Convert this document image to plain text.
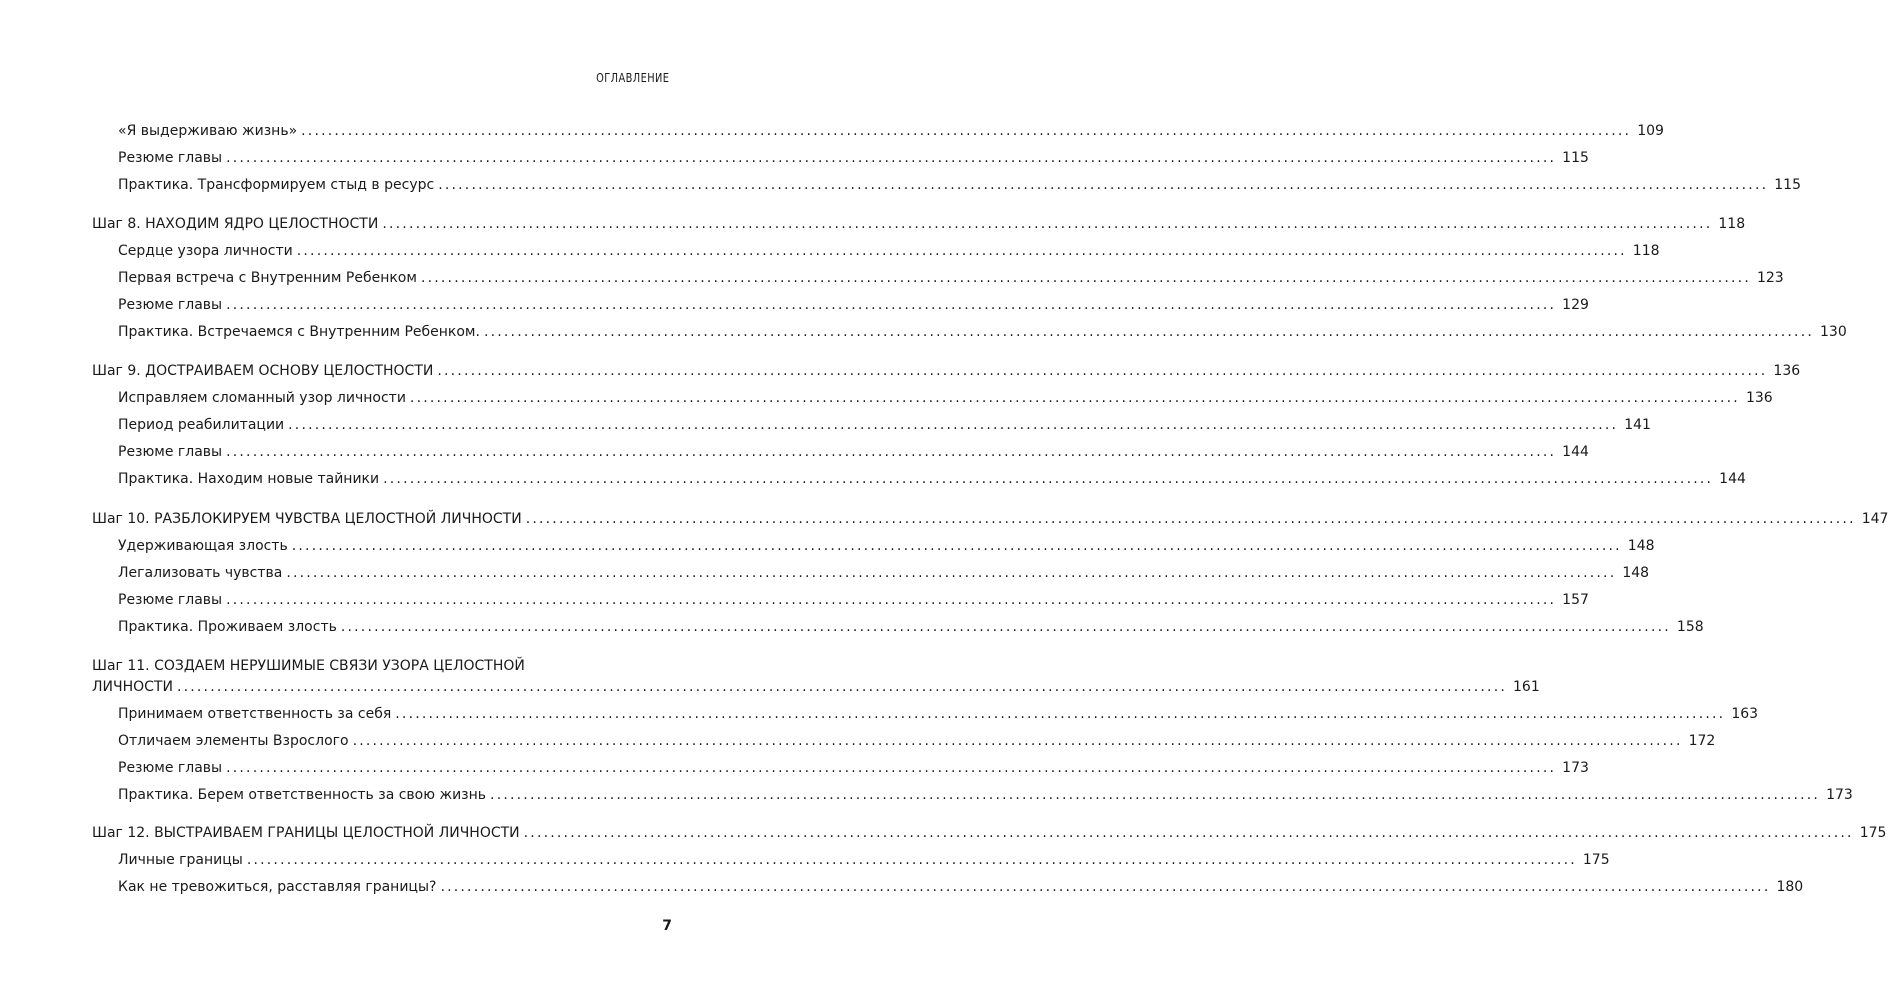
ОГЛАВЛЕНИЕ
«Я выдерживаю жизнь» ........................................................................................................................................................................................................ 109
Резюме главы ........................................................................................................................................................................................................ 115
Практика. Трансформируем стыд в ресурс ........................................................................................................................................................................................................ 115
Шаг 8. НАХОДИМ ЯДРО ЦЕЛОСТНОСТИ ........................................................................................................................................................................................................ 118
Сердце узора личности ........................................................................................................................................................................................................ 118
Первая встреча с Внутренним Ребенком ........................................................................................................................................................................................................ 123
Резюме главы ........................................................................................................................................................................................................ 129
Практика. Встречаемся с Внутренним Ребенком. ........................................................................................................................................................................................................ 130
Шаг 9. ДОСТРАИВАЕМ ОСНОВУ ЦЕЛОСТНОСТИ ........................................................................................................................................................................................................ 136
Исправляем сломанный узор личности ........................................................................................................................................................................................................ 136
Период реабилитации ........................................................................................................................................................................................................ 141
Резюме главы ........................................................................................................................................................................................................ 144
Практика. Находим новые тайники ........................................................................................................................................................................................................ 144
Шаг 10. РАЗБЛОКИРУЕМ ЧУВСТВА ЦЕЛОСТНОЙ ЛИЧНОСТИ ........................................................................................................................................................................................................ 147
Удерживающая злость ........................................................................................................................................................................................................ 148
Легализовать чувства ........................................................................................................................................................................................................ 148
Резюме главы ........................................................................................................................................................................................................ 157
Практика. Проживаем злость ........................................................................................................................................................................................................ 158
Шаг 11. СОЗДАЕМ НЕРУШИМЫЕ СВЯЗИ УЗОРА ЦЕЛОСТНОЙ
ЛИЧНОСТИ ........................................................................................................................................................................................................ 161
Принимаем ответственность за себя ........................................................................................................................................................................................................ 163
Отличаем элементы Взрослого ........................................................................................................................................................................................................ 172
Резюме главы ........................................................................................................................................................................................................ 173
Практика. Берем ответственность за свою жизнь ........................................................................................................................................................................................................ 173
Шаг 12. ВЫСТРАИВАЕМ ГРАНИЦЫ ЦЕЛОСТНОЙ ЛИЧНОСТИ ........................................................................................................................................................................................................ 175
Личные границы ........................................................................................................................................................................................................ 175
Как не тревожиться, расставляя границы? ........................................................................................................................................................................................................ 180
7
